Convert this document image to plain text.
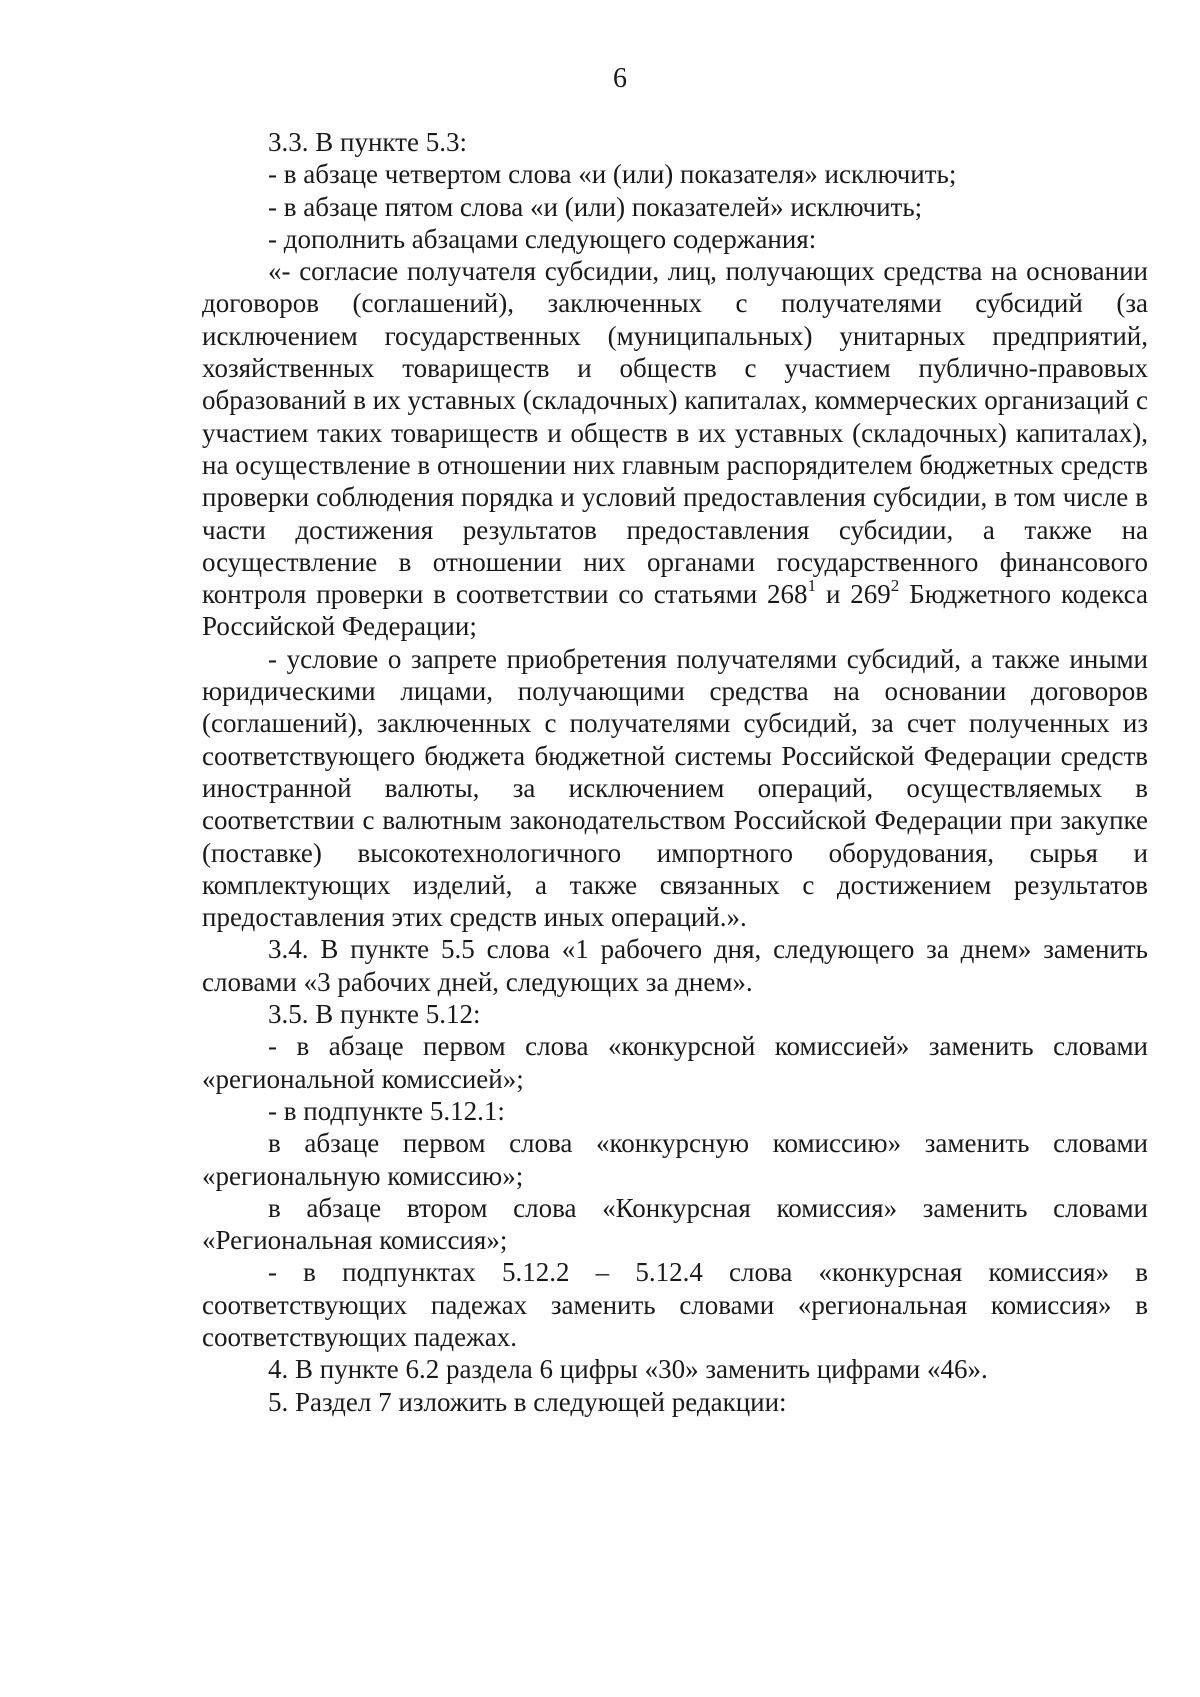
6

3.3. В пункте 5.3:

- в абзаце четвертом слова «и (или) показателя» исключить;

- в абзаце пятом слова «и (или) показателей» исключить;

- дополнить абзацами следующего содержания:

«- согласие получателя субсидии, лиц, получающих средства на основании договоров (соглашений), заключенных с получателями субсидий (за исключением государственных (муниципальных) унитарных предприятий, хозяйственных товариществ и обществ с участием публично-правовых образований в их уставных (складочных) капиталах, коммерческих организаций с участием таких товариществ и обществ в их уставных (складочных) капиталах), на осуществление в отношении них главным распорядителем бюджетных средств проверки соблюдения порядка и условий предоставления субсидии, в том числе в части достижения результатов предоставления субсидии, а также на осуществление в отношении них органами государственного финансового контроля проверки в соответствии со статьями $268^1$ и $269^2$ Бюджетного кодекса Российской Федерации;

- условие о запрете приобретения получателями субсидий, а также иными юридическими лицами, получающими средства на основании договоров (соглашений), заключенных с получателями субсидий, за счет полученных из соответствующего бюджета бюджетной системы Российской Федерации средств иностранной валюты, за исключением операций, осуществляемых в соответствии с валютным законодательством Российской Федерации при закупке (поставке) высокотехнологичного импортного оборудования, сырья и комплектующих изделий, а также связанных с достижением результатов предоставления этих средств иных операций.».

3.4. В пункте 5.5 слова «1 рабочего дня, следующего за днем» заменить словами «3 рабочих дней, следующих за днем».

3.5. В пункте 5.12:

- в абзаце первом слова «конкурсной комиссией» заменить словами «региональной комиссией»;

- в подпункте 5.12.1:

в абзаце первом слова «конкурсную комиссию» заменить словами «региональную комиссию»;

в абзаце втором слова «Конкурсная комиссия» заменить словами «Региональная комиссия»;

- в подпунктах 5.12.2 – 5.12.4 слова «конкурсная комиссия» в соответствующих падежах заменить словами «региональная комиссия» в соответствующих падежах.

4. В пункте 6.2 раздела 6 цифры «30» заменить цифрами «46».

5. Раздел 7 изложить в следующей редакции:
